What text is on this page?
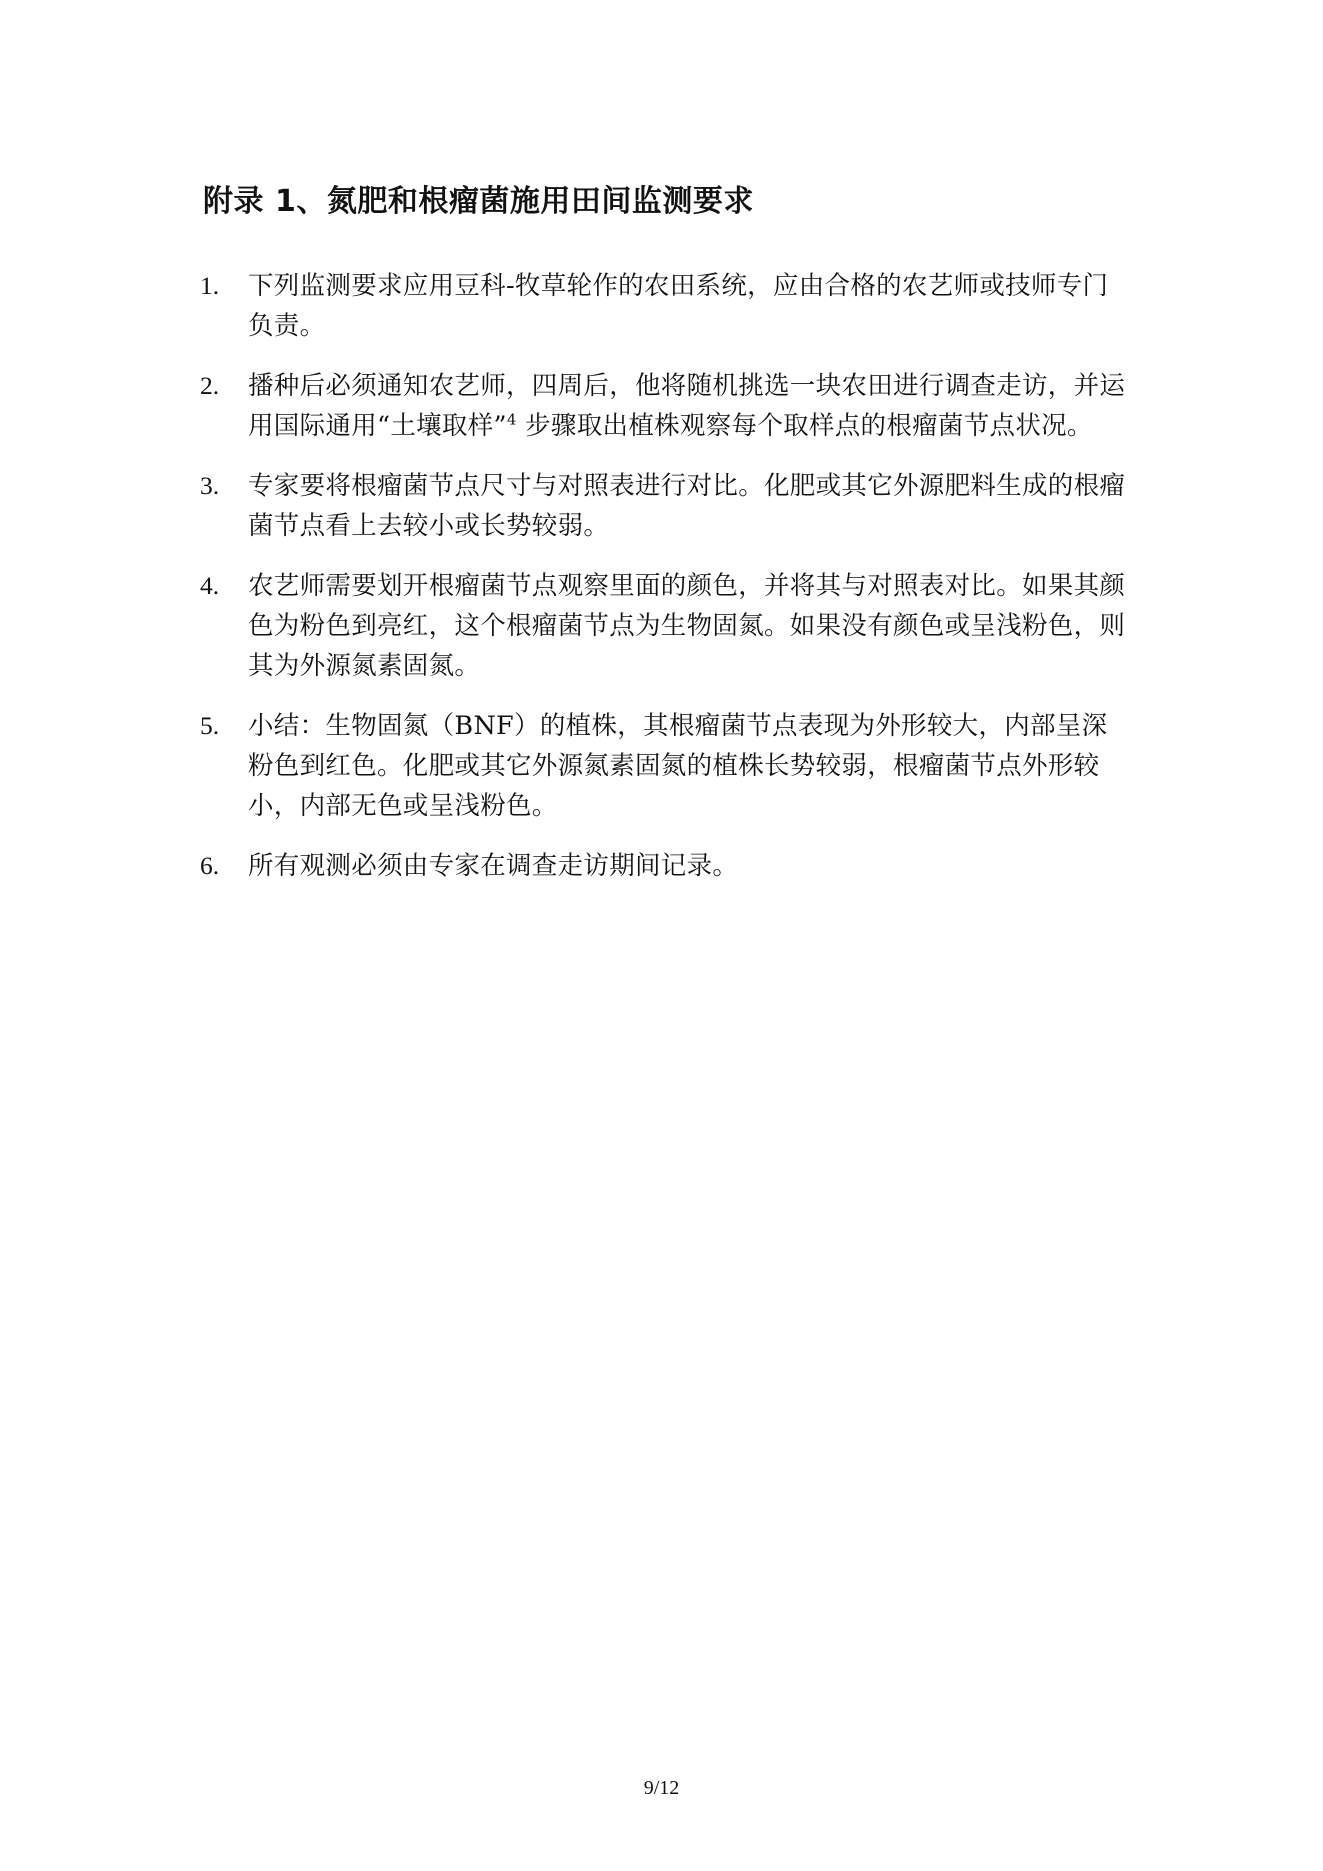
附录 1、氮肥和根瘤菌施用田间监测要求
1.	下列监测要求应用豆科-牧草轮作的农田系统，应由合格的农艺师或技师专门负责。
2.	播种后必须通知农艺师，四周后，他将随机挑选一块农田进行调查走访，并运用国际通用“土壤取样”$^4$ 步骤取出植株观察每个取样点的根瘤菌节点状况。
3.	专家要将根瘤菌节点尺寸与对照表进行对比。化肥或其它外源肥料生成的根瘤菌节点看上去较小或长势较弱。
4.	农艺师需要划开根瘤菌节点观察里面的颜色，并将其与对照表对比。如果其颜色为粉色到亮红，这个根瘤菌节点为生物固氮。如果没有颜色或呈浅粉色，则其为外源氮素固氮。
5.	小结：生物固氮（BNF）的植株，其根瘤菌节点表现为外形较大，内部呈深粉色到红色。化肥或其它外源氮素固氮的植株长势较弱，根瘤菌节点外形较小，内部无色或呈浅粉色。
6.	所有观测必须由专家在调查走访期间记录。
9/12
